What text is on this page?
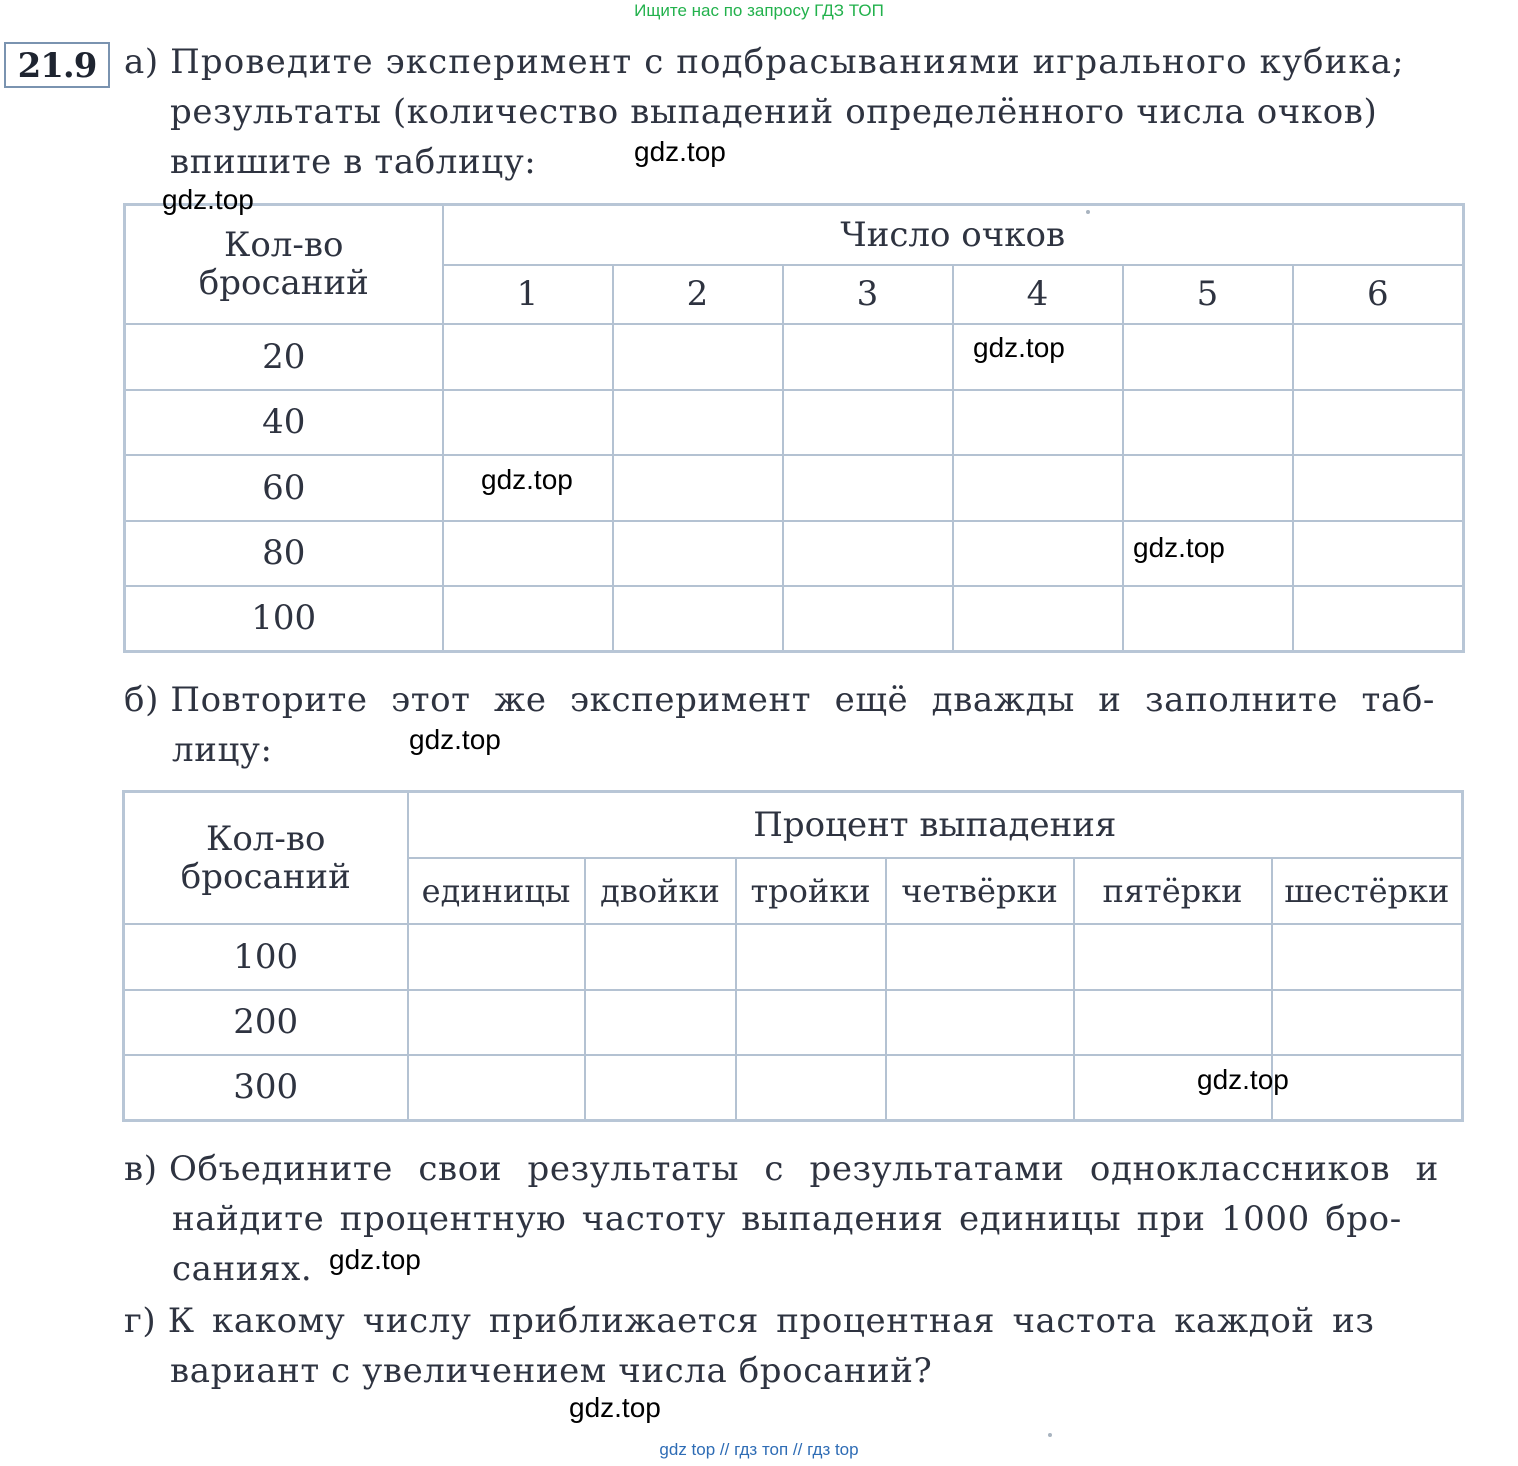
Ищите нас по запросу ГДЗ ТОП
21.9 а) Проведите эксперимент с подбрасываниями игрального кубика;
результаты (количество выпадений определённого числа очков)
впишите в таблицу:
Кол-во
бросаний	Число очков					
	1	2	3	4	5	6
20						
40						
60						
80						
100						
б) Повторите этот же эксперимент ещё дважды и заполните таб-
лицу:
Кол-во
бросаний	Процент выпадения					
	единицы	двойки	тройки	четвёрки	пятёрки	шестёрки
100						
200						
300						
в) Объедините свои результаты с результатами одноклассников и
найдите процентную частоту выпадения единицы при 1000 бро-
саниях.
г) К какому числу приближается процентная частота каждой из
вариант с увеличением числа бросаний?
gdz.top
gdz.top
gdz.top
gdz.top
gdz.top
gdz.top
gdz.top
gdz.top
gdz.top
gdz top // гдз топ // гдз top
